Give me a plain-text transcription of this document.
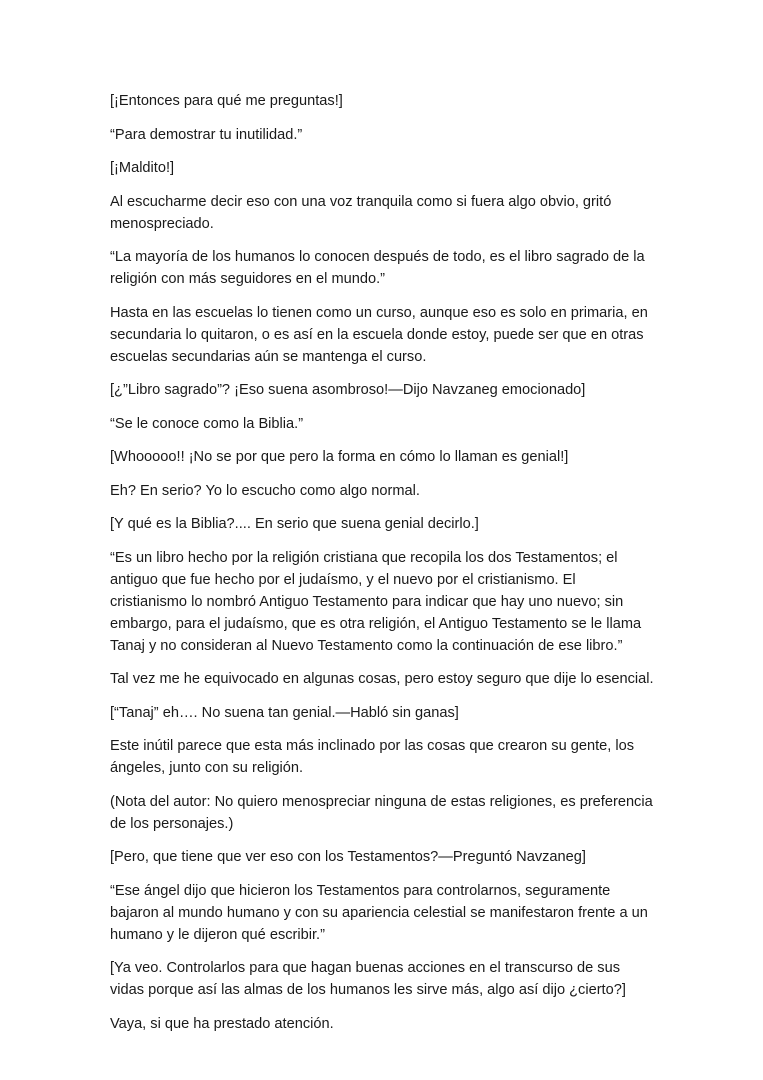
[¡Entonces para qué me preguntas!]

“Para demostrar tu inutilidad.”

[¡Maldito!]

Al escucharme decir eso con una voz tranquila como si fuera algo obvio, gritó menospreciado.

“La mayoría de los humanos lo conocen después de todo, es el libro sagrado de la religión con más seguidores en el mundo.”

Hasta en las escuelas lo tienen como un curso, aunque eso es solo en primaria, en secundaria lo quitaron, o es así en la escuela donde estoy, puede ser que en otras escuelas secundarias aún se mantenga el curso.

[¿”Libro sagrado”? ¡Eso suena asombroso!—Dijo Navzaneg emocionado]

“Se le conoce como la Biblia.”

[Whooooo!! ¡No se por que pero la forma en cómo lo llaman es genial!]

Eh? En serio? Yo lo escucho como algo normal.

[Y qué es la Biblia?.... En serio que suena genial decirlo.]

“Es un libro hecho por la religión cristiana que recopila los dos Testamentos; el antiguo que fue hecho por el judaísmo, y el nuevo por el cristianismo. El cristianismo lo nombró Antiguo Testamento para indicar que hay uno nuevo; sin embargo, para el judaísmo, que es otra religión, el Antiguo Testamento se le llama Tanaj y no consideran al Nuevo Testamento como la continuación de ese libro.”

Tal vez me he equivocado en algunas cosas, pero estoy seguro que dije lo esencial.

[“Tanaj” eh…. No suena tan genial.—Habló sin ganas]

Este inútil parece que esta más inclinado por las cosas que crearon su gente, los ángeles, junto con su religión.

(Nota del autor: No quiero menospreciar ninguna de estas religiones, es preferencia de los personajes.)

[Pero, que tiene que ver eso con los Testamentos?—Preguntó Navzaneg]

“Ese ángel dijo que hicieron los Testamentos para controlarnos, seguramente bajaron al mundo humano y con su apariencia celestial se manifestaron frente a un humano y le dijeron qué escribir.”

[Ya veo. Controlarlos para que hagan buenas acciones en el transcurso de sus vidas porque así las almas de los humanos les sirve más, algo así dijo ¿cierto?]

Vaya, si que ha prestado atención.
